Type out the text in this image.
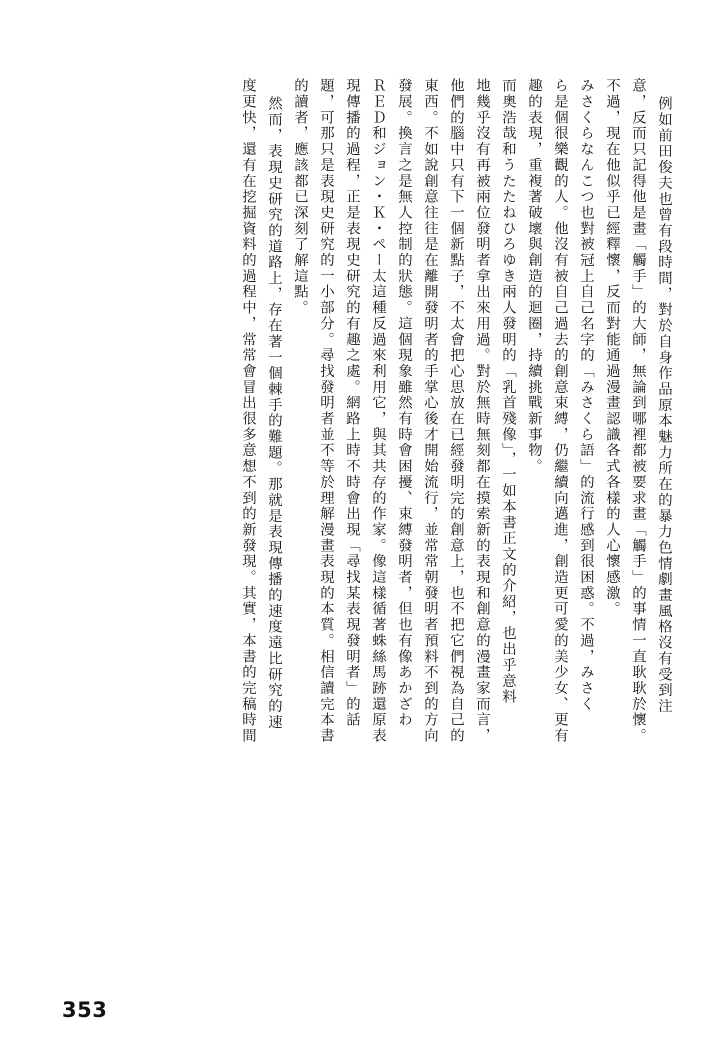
例如前田俊夫也曾有段時間，對於自身作品原本魅力所在的暴力色情劇畫風格沒有受到注
意，反而只記得他是畫「觸手」的大師，無論到哪裡都被要求畫「觸手」的事情一直耿耿於懷。
不過，現在他似乎已經釋懷，反而對能通過漫畫認識各式各樣的人心懷感激。
みさくらなんこつ也對被冠上自己名字的「みさくら語」的流行感到很困惑。不過，みさく
ら是個很樂觀的人。他沒有被自己過去的創意束縛，仍繼續向邁進，創造更可愛的美少女、更有
趣的表現，重複著破壞與創造的迴圈，持續挑戰新事物。
而奧浩哉和うたたねひろゆき兩人發明的「乳首殘像」，一如本書正文的介紹，也出乎意料
地幾乎沒有再被兩位發明者拿出來用過。對於無時無刻都在摸索新的表現和創意的漫畫家而言，
他們的腦中只有下一個新點子，不太會把心思放在已經發明完的創意上，也不把它們視為自己的
東西。不如說創意往往是在離開發明者的手掌心後才開始流行，並常常朝發明者預料不到的方向
發展。換言之是無人控制的狀態。這個現象雖然有時會困擾、束縛發明者，但也有像あかざわ
ＲＥＤ和ジョン・Ｋ・ペー太這種反過來利用它，與其共存的作家。像這樣循著蛛絲馬跡還原表
現傳播的過程，正是表現史研究的有趣之處。網路上時不時會出現「尋找某表現發明者」的話
題，可那只是表現史研究的一小部分。尋找發明者並不等於理解漫畫表現的本質。相信讀完本書
的讀者，應該都已深刻了解這點。
然而，表現史研究的道路上，存在著一個棘手的難題。那就是表現傳播的速度遠比研究的速
度更快，還有在挖掘資料的過程中，常常會冒出很多意想不到的新發現。其實，本書的完稿時間
353
